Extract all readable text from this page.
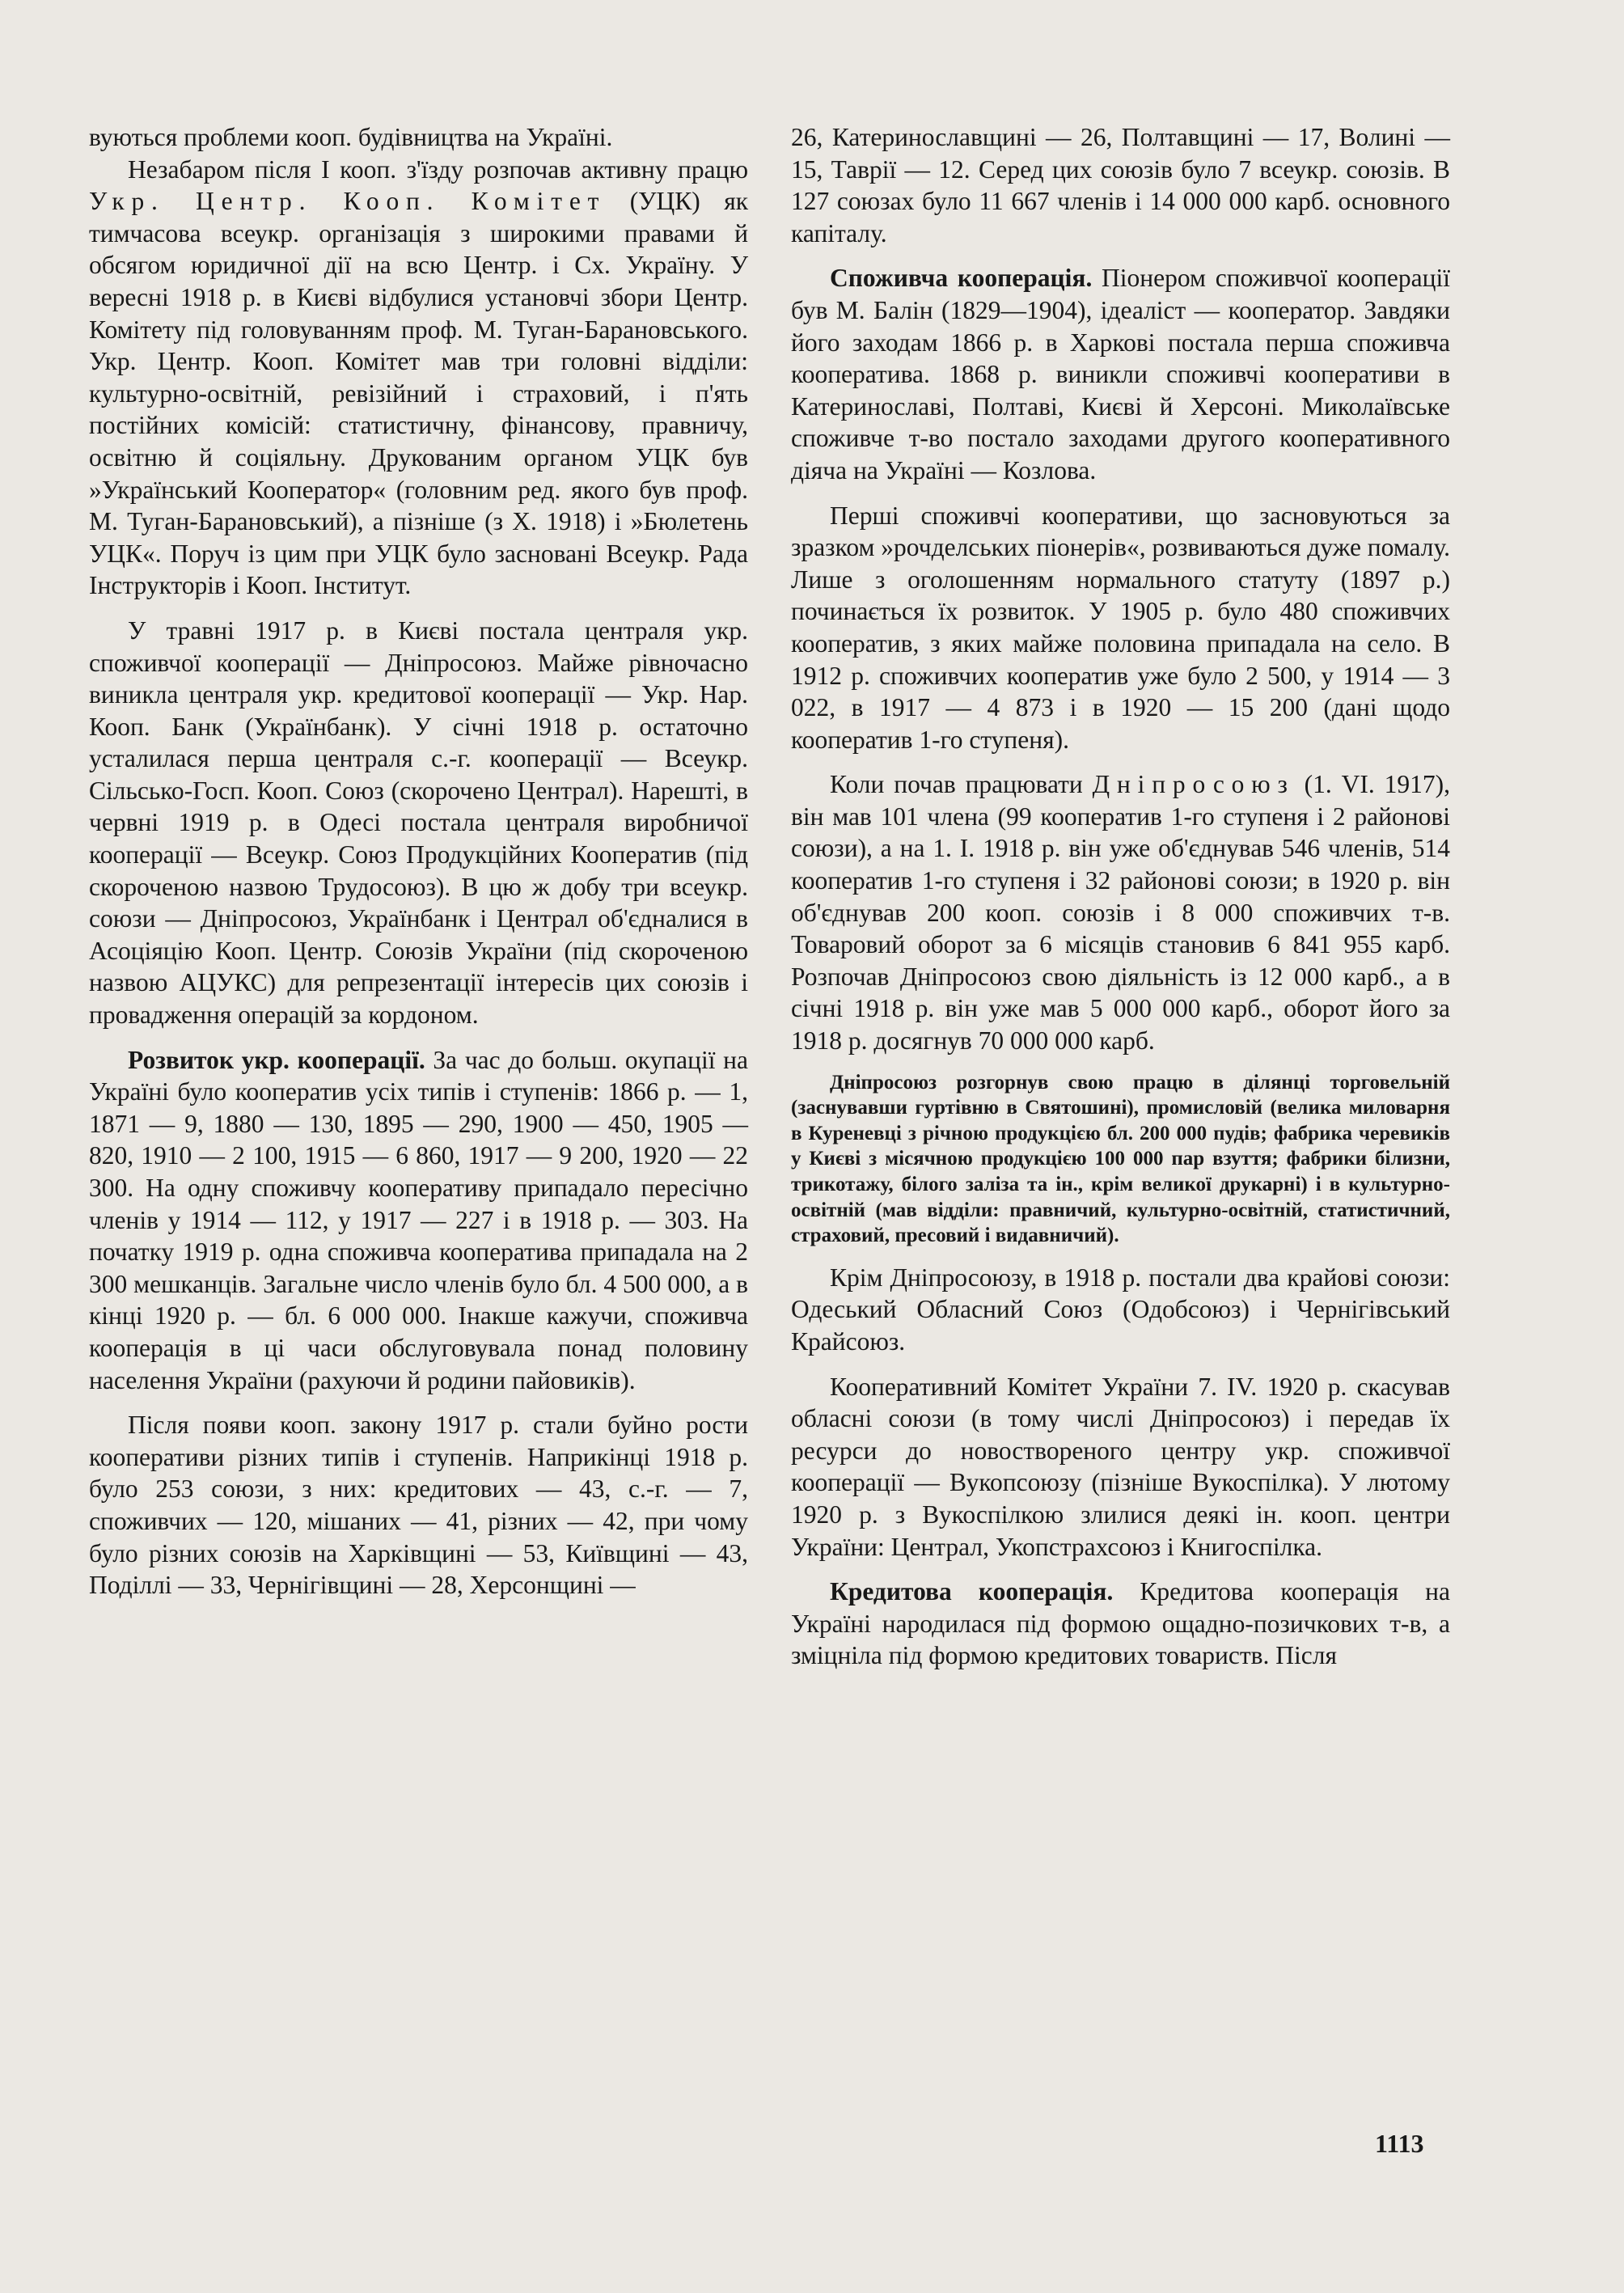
вуються проблеми кооп. будівництва на Україні.

Незабаром після І кооп. з'їзду розпочав активну працю Укр. Центр. Кооп. Комітет (УЦК) як тимчасова всеукр. організація з широкими правами й обсягом юридичної дії на всю Центр. і Сх. Україну. У вересні 1918 р. в Києві відбулися установчі збори Центр. Комітету під головуванням проф. М. Туган-Барановського. Укр. Центр. Кооп. Комітет мав три головні відділи: культурно-освітній, ревізійний і страховий, і п'ять постійних комісій: статистичну, фінансову, правничу, освітню й соціяльну. Друкованим органом УЦК був »Український Кооператор« (головним ред. якого був проф. М. Туган-Барановський), а пізніше (з X. 1918) і »Бюлетень УЦК«. Поруч із цим при УЦК було засновані Всеукр. Рада Інструкторів і Кооп. Інститут.

У травні 1917 р. в Києві постала централя укр. споживчої кооперації — Дніпросоюз. Майже рівночасно виникла централя укр. кредитової кооперації — Укр. Нар. Кооп. Банк (Українбанк). У січні 1918 р. остаточно усталилася перша централя с.-г. кооперації — Всеукр. Сільсько-Госп. Кооп. Союз (скорочено Централ). Нарешті, в червні 1919 р. в Одесі постала централя виробничої кооперації — Всеукр. Союз Продукційних Кооператив (під скороченою назвою Трудосоюз). В цю ж добу три всеукр. союзи — Дніпросоюз, Українбанк і Централ об'єдналися в Асоціяцію Кооп. Центр. Союзів України (під скороченою назвою АЦУКС) для репрезентації інтересів цих союзів і провадження операцій за кордоном.

Розвиток укр. кооперації. За час до больш. окупації на Україні було кооператив усіх типів і ступенів: 1866 р. — 1, 1871 — 9, 1880 — 130, 1895 — 290, 1900 — 450, 1905 — 820, 1910 — 2 100, 1915 — 6 860, 1917 — 9 200, 1920 — 22 300. На одну споживчу кооперативу припадало пересічно членів у 1914 — 112, у 1917 — 227 і в 1918 р. — 303. На початку 1919 р. одна споживча кооператива припадала на 2 300 мешканців. Загальне число членів було бл. 4 500 000, а в кінці 1920 р. — бл. 6 000 000. Інакше кажучи, споживча кооперація в ці часи обслуговувала понад половину населення України (рахуючи й родини пайовиків).

Після появи кооп. закону 1917 р. стали буйно рости кооперативи різних типів і ступенів. Наприкінці 1918 р. було 253 союзи, з них: кредитових — 43, с.-г. — 7, споживчих — 120, мішаних — 41, різних — 42, при чому було різних союзів на Харківщині — 53, Київщині — 43, Поділлі — 33, Чернігівщині — 28, Херсонщині —

26, Катеринославщині — 26, Полтавщині — 17, Волині — 15, Таврії — 12. Серед цих союзів було 7 всеукр. союзів. В 127 союзах було 11 667 членів і 14 000 000 карб. основного капіталу.

Споживча кооперація. Піонером споживчої кооперації був М. Балін (1829—1904), ідеаліст — кооператор. Завдяки його заходам 1866 р. в Харкові постала перша споживча кооператива. 1868 р. виникли споживчі кооперативи в Катеринославі, Полтаві, Києві й Херсоні. Миколаївське споживче т-во постало заходами другого кооперативного діяча на Україні — Козлова.

Перші споживчі кооперативи, що засновуються за зразком »рочделських піонерів«, розвиваються дуже помалу. Лише з оголошенням нормального статуту (1897 р.) починається їх розвиток. У 1905 р. було 480 споживчих кооператив, з яких майже половина припадала на село. В 1912 р. споживчих кооператив уже було 2 500, у 1914 — 3 022, в 1917 — 4 873 і в 1920 — 15 200 (дані щодо кооператив 1-го ступеня).

Коли почав працювати Дніпросоюз (1. VI. 1917), він мав 101 члена (99 кооператив 1-го ступеня і 2 районові союзи), а на 1. І. 1918 р. він уже об'єднував 546 членів, 514 кооператив 1-го ступеня і 32 районові союзи; в 1920 р. він об'єднував 200 кооп. союзів і 8 000 споживчих т-в. Товаровий оборот за 6 місяців становив 6 841 955 карб. Розпочав Дніпросоюз свою діяльність із 12 000 карб., а в січні 1918 р. він уже мав 5 000 000 карб., оборот його за 1918 р. досягнув 70 000 000 карб.

Дніпросоюз розгорнув свою працю в ділянці торговельній (заснувавши гуртівню в Святошині), промисловій (велика миловарня в Куреневці з річною продукцією бл. 200 000 пудів; фабрика черевиків у Києві з місячною продукцією 100 000 пар взуття; фабрики білизни, трикотажу, білого заліза та ін., крім великої друкарні) і в культурно-освітній (мав відділи: правничий, культурно-освітній, статистичний, страховий, пресовий і видавничий).

Крім Дніпросоюзу, в 1918 р. постали два крайові союзи: Одеський Обласний Союз (Одобсоюз) і Чернігівський Крайсоюз.

Кооперативний Комітет України 7. IV. 1920 р. скасував обласні союзи (в тому числі Дніпросоюз) і передав їх ресурси до новоствореного центру укр. споживчої кооперації — Вукопсоюзу (пізніше Вукоспілка). У лютому 1920 р. з Вукоспілкою злилися деякі ін. кооп. центри України: Централ, Укопстрахсоюз і Книгоспілка.

Кредитова кооперація. Кредитова кооперація на Україні народилася під формою ощадно-позичкових т-в, а зміцніла під формою кредитових товариств. Після

1113
